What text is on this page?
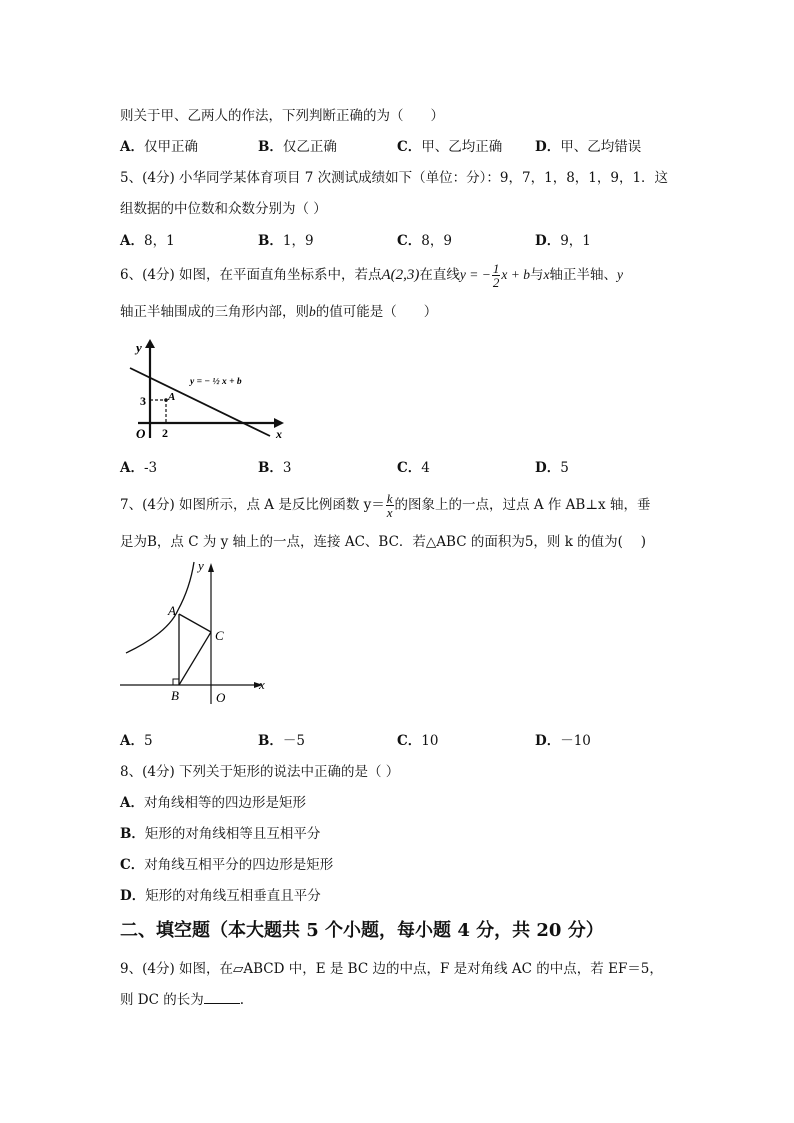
则关于甲、乙两人的作法，下列判断正确的为（　　）
A．仅甲正确	B．仅乙正确	C．甲、乙均正确 D．甲、乙均错误
5、(4分) 小华同学某体育项目 7 次测试成绩如下（单位：分）：9，7，1，8，1，9，1．这
组数据的中位数和众数分别为（ ）
A．8，1	B．1，9	C．8，9	D．9，1
6、(4分) 如图，在平面直角坐标系中，若点A(2,3)在直线y = − $\frac{1}{2}$ x + b与x轴正半轴、y
轴正半轴围成的三角形内部，则b的值可能是（　　）
y
x
O
A
2
3
y = − ½ x + b
A．-3	B．3	C．4	D．5
7、(4分) 如图所示，点 A 是反比例函数 $y= \frac{k}{x}$ 的图象上的一点，过点 A 作 AB⊥x 轴，垂
足为B，点 C 为 y 轴上的一点，连接 AC、BC．若△ABC 的面积为5，则 k 的值为(　 )
y
x
O
A
B
C
A．5	B．－5	C．10	D．－10
8、(4分) 下列关于矩形的说法中正确的是（ ）
A．对角线相等的四边形是矩形
B．矩形的对角线相等且互相平分
C．对角线互相平分的四边形是矩形
D．矩形的对角线互相垂直且平分
二、填空题（本大题共 5 个小题，每小题 4 分，共 20 分）
9、(4分) 如图，在▱ABCD 中，E 是 BC 边的中点，F 是对角线 AC 的中点，若 EF＝5，
则 DC 的长为	.
